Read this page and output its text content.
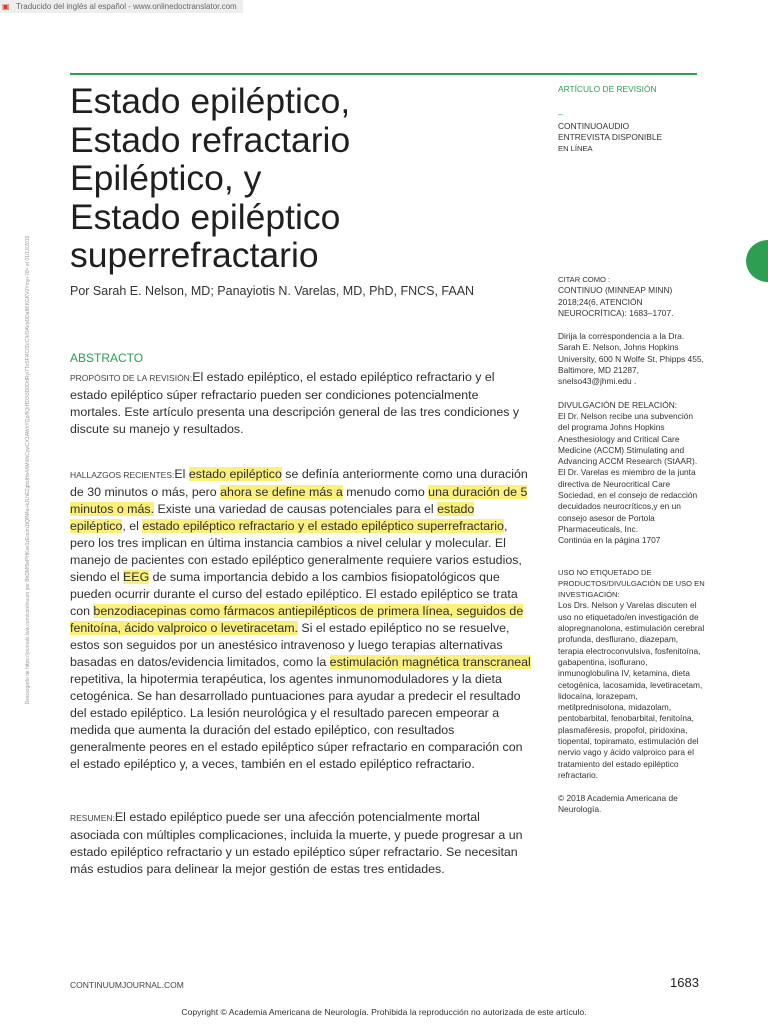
▣ Traducido del inglés al español - www.onlinedoctranslator.com
Descargado de https://journals.lww.com/continuum por BhDMf5ePHKav1zEoum1tQfN4a+kJLhEZgbsIHo4XMi0hCywCX1AWnYQp/IlQrHD3i3D0OdRyi7TvSFl4Cf3VC4/OAVpDDa8KKGKV0Ymy+78= el 01/13/2019
Estado epiléptico,
Estado refractario
Epiléptico, y
Estado epiléptico
superrefractario
Por Sarah E. Nelson, MD; Panayiotis N. Varelas, MD, PhD, FNCS, FAAN
ABSTRACTO

PROPÓSITO DE LA REVISIÓN:El estado epiléptico, el estado epiléptico refractario y el estado epiléptico súper refractario pueden ser condiciones potencialmente mortales. Este artículo presenta una descripción general de las tres condiciones y discute su manejo y resultados.

HALLAZGOS RECIENTES:El estado epiléptico se definía anteriormente como una duración de 30 minutos o más, pero ahora se define más a menudo como una duración de 5 minutos o más. Existe una variedad de causas potenciales para el estado epiléptico, el estado epiléptico refractario y el estado epiléptico superrefractario, pero los tres implican en última instancia cambios a nivel celular y molecular. El manejo de pacientes con estado epiléptico generalmente requiere varios estudios, siendo el EEG de suma importancia debido a los cambios fisiopatológicos que pueden ocurrir durante el curso del estado epiléptico. El estado epiléptico se trata con benzodiacepinas como fármacos antiepilépticos de primera línea, seguidos de fenitoína, ácido valproico o levetiracetam. Si el estado epiléptico no se resuelve, estos son seguidos por un anestésico intravenoso y luego terapias alternativas basadas en datos/evidencia limitados, como la estimulación magnética transcraneal repetitiva, la hipotermia terapéutica, los agentes inmunomoduladores y la dieta cetogénica. Se han desarrollado puntuaciones para ayudar a predecir el resultado del estado epiléptico. La lesión neurológica y el resultado parecen empeorar a medida que aumenta la duración del estado epiléptico, con resultados generalmente peores en el estado epiléptico súper refractario en comparación con el estado epiléptico y, a veces, también en el estado epiléptico refractario.

RESUMEN:El estado epiléptico puede ser una afección potencialmente mortal asociada con múltiples complicaciones, incluida la muerte, y puede progresar a un estado epiléptico refractario y un estado epiléptico súper refractario. Se necesitan más estudios para delinear la mejor gestión de estas tres entidades.

ARTÍCULO DE REVISIÓN
–
CONTINUOAUDIO
ENTREVISTA DISPONIBLE
EN LÍNEA
CITAR COMO :
CONTINUO (MINNEAP MINN) 2018;24(6, ATENCIÓN NEUROCRÍTICA): 1683–1707.
Dirija la correspondencia a la Dra. Sarah E. Nelson, Johns Hopkins University, 600 N Wolfe St, Phipps 455, Baltimore, MD 21287, snelso43@jhmi.edu .
DIVULGACIÓN DE RELACIÓN:
El Dr. Nelson recibe una subvención del programa Johns Hopkins Anesthesiology and Critical Care Medicine (ACCM) Stimulating and Advancing ACCM Research (StAAR). El Dr. Varelas es miembro de la junta directiva de Neurocritical Care Sociedad, en el consejo de redacción decuidados neurocríticos,y en un consejo asesor de Portola Pharmaceuticals, Inc.
Continúa en la página 1707
USO NO ETIQUETADO DE PRODUCTOS/DIVULGACIÓN DE USO EN INVESTIGACIÓN:
Los Drs. Nelson y Varelas discuten el uso no etiquetado/en investigación de alopregnanolona, estimulación cerebral profunda, desflurano, diazepam, terapia electroconvulsiva, fosfenitoína, gabapentina, isoflurano, inmunoglobulina IV, ketamina, dieta cetogénica, lacosamida, levetiracetam, lidocaína, lorazepam, metilprednisolona, midazolam, pentobarbital, fenobarbital, fenitoína, plasmaféresis, propofol, piridoxina, tiopental, topiramato, estimulación del nervio vago y ácido valproico para el tratamiento del estado epiléptico refractario.
© 2018 Academia Americana de Neurología.
CONTINUUMJOURNAL.COM	1683
Copyright © Academia Americana de Neurología. Prohibida la reproducción no autorizada de este artículo.
